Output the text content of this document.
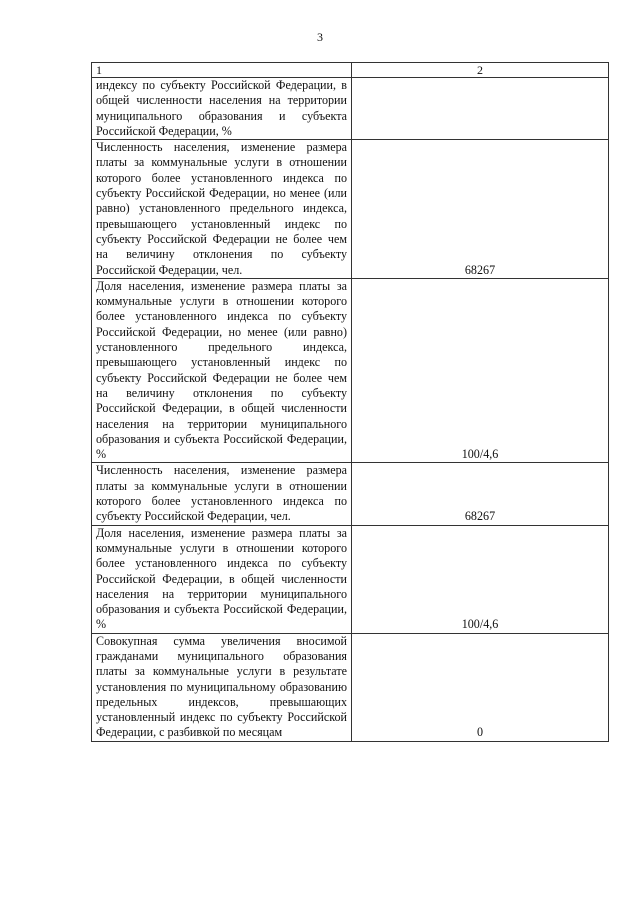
3
1	2
индексу по субъекту Российской Федерации, в общей численности населения на территории муниципального образования и субъекта Российской Федерации, %	
Численность населения, изменение размера платы за коммунальные услуги в отношении которого более установленного индекса по субъекту Российской Федерации, но менее (или равно) установленного предельного индекса, превышающего установленный индекс по субъекту Российской Федерации не более чем на величину отклонения по субъекту Российской Федерации, чел.	68267
Доля населения, изменение размера платы за коммунальные услуги в отношении которого более установленного индекса по субъекту Российской Федерации, но менее (или равно) установленного предельного индекса, превышающего установленный индекс по субъекту Российской Федерации не более чем на величину отклонения по субъекту Российской Федерации, в общей численности населения на территории муниципального образования и субъекта Российской Федерации, %	100/4,6
Численность населения, изменение размера платы за коммунальные услуги в отношении которого более установленного индекса по субъекту Российской Федерации, чел.	68267
Доля населения, изменение размера платы за коммунальные услуги в отношении которого более установленного индекса по субъекту Российской Федерации, в общей численности населения на территории муниципального образования и субъекта Российской Федерации, %	100/4,6
Совокупная сумма увеличения вносимой гражданами муниципального образования платы за коммунальные услуги в результате установления по муниципальному образованию предельных индексов, превышающих установленный индекс по субъекту Российской Федерации, с разбивкой по месяцам	0
